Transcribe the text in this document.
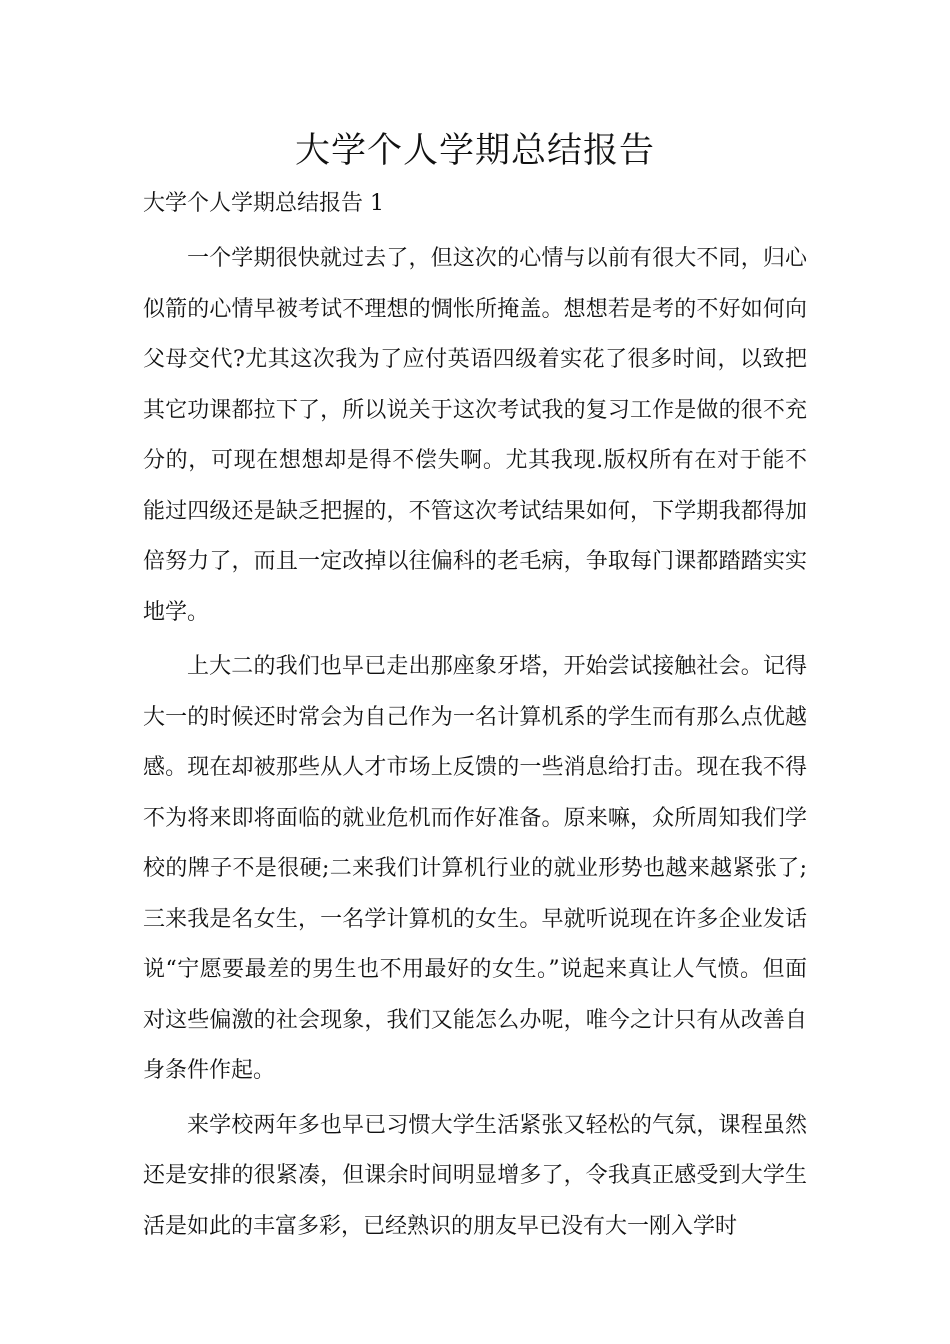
大学个人学期总结报告
大学个人学期总结报告 1

一个学期很快就过去了，但这次的心情与以前有很大不同，归心似箭的心情早被考试不理想的惆怅所掩盖。想想若是考的不好如何向父母交代?尤其这次我为了应付英语四级着实花了很多时间，以致把其它功课都拉下了，所以说关于这次考试我的复习工作是做的很不充分的，可现在想想却是得不偿失啊。尤其我现.版权所有在对于能不能过四级还是缺乏把握的，不管这次考试结果如何，下学期我都得加倍努力了，而且一定改掉以往偏科的老毛病，争取每门课都踏踏实实地学。

上大二的我们也早已走出那座象牙塔，开始尝试接触社会。记得大一的时候还时常会为自己作为一名计算机系的学生而有那么点优越感。现在却被那些从人才市场上反馈的一些消息给打击。现在我不得不为将来即将面临的就业危机而作好准备。原来嘛，众所周知我们学校的牌子不是很硬;二来我们计算机行业的就业形势也越来越紧张了;三来我是名女生，一名学计算机的女生。早就听说现在许多企业发话说“宁愿要最差的男生也不用最好的女生。”说起来真让人气愤。但面对这些偏激的社会现象，我们又能怎么办呢，唯今之计只有从改善自身条件作起。

来学校两年多也早已习惯大学生活紧张又轻松的气氛，课程虽然还是安排的很紧凑，但课余时间明显增多了，令我真正感受到大学生活是如此的丰富多彩，已经熟识的朋友早已没有大一刚入学时
